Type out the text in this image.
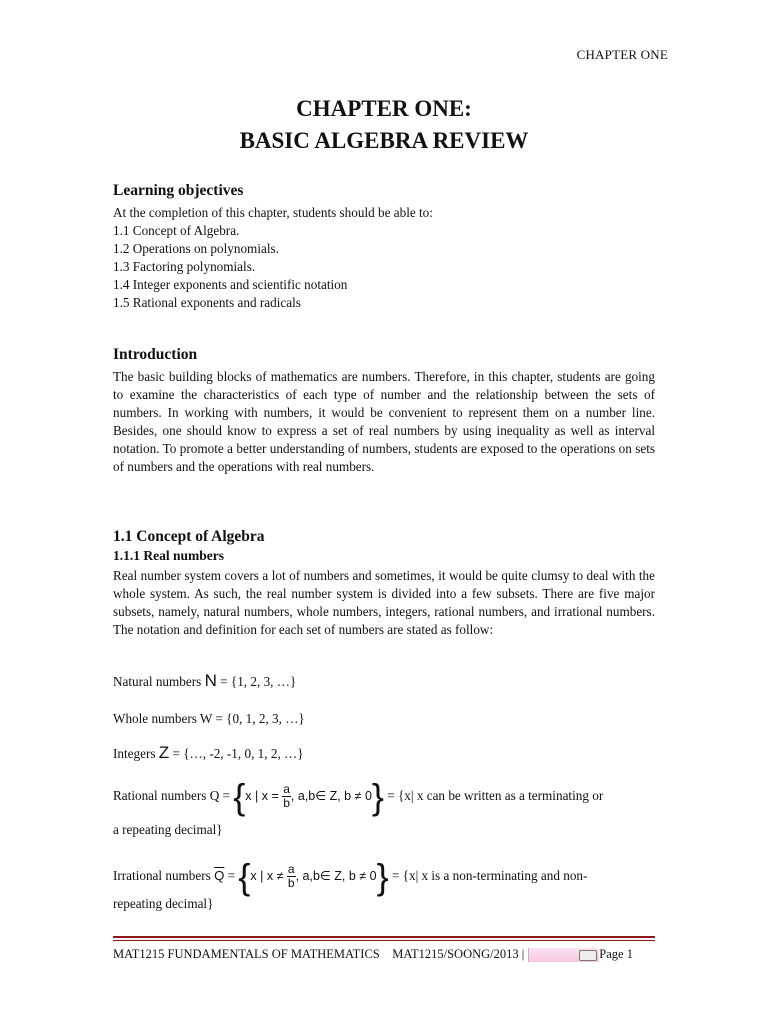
CHAPTER ONE
CHAPTER ONE:
BASIC ALGEBRA REVIEW
Learning objectives
At the completion of this chapter, students should be able to:
1.1 Concept of Algebra.
1.2 Operations on polynomials.
1.3 Factoring polynomials.
1.4 Integer exponents and scientific notation
1.5 Rational exponents and radicals
Introduction
The basic building blocks of mathematics are numbers. Therefore, in this chapter, students are going to examine the characteristics of each type of number and the relationship between the sets of numbers. In working with numbers, it would be convenient to represent them on a number line. Besides, one should know to express a set of real numbers by using inequality as well as interval notation. To promote a better understanding of numbers, students are exposed to the operations on sets of numbers and the operations with real numbers.
1.1 Concept of Algebra
1.1.1 Real numbers
Real number system covers a lot of numbers and sometimes, it would be quite clumsy to deal with the whole system. As such, the real number system is divided into a few subsets. There are five major subsets, namely, natural numbers, whole numbers, integers, rational numbers, and irrational numbers. The notation and definition for each set of numbers are stated as follow:
Natural numbers N = {1, 2, 3, …}
Whole numbers W = {0, 1, 2, 3, …}
Integers Z = {…, -2, -1, 0, 1, 2, …}
Rational numbers Q = {x | $x = \frac{a}{b}$ , a,b∈ Z, b ≠ 0} = {x| x can be written as a terminating or
a repeating decimal}
Irrational numbers $\overline{Q} = \{x$ | $x \ne \frac{a}{b}$ , a,b∈ Z, b ≠ 0} = {x| x is a non-terminating and non-
repeating decimal}
MAT1215 FUNDAMENTALS OF MATHEMATICS MAT1215/SOONG/2013 |	Page 1
